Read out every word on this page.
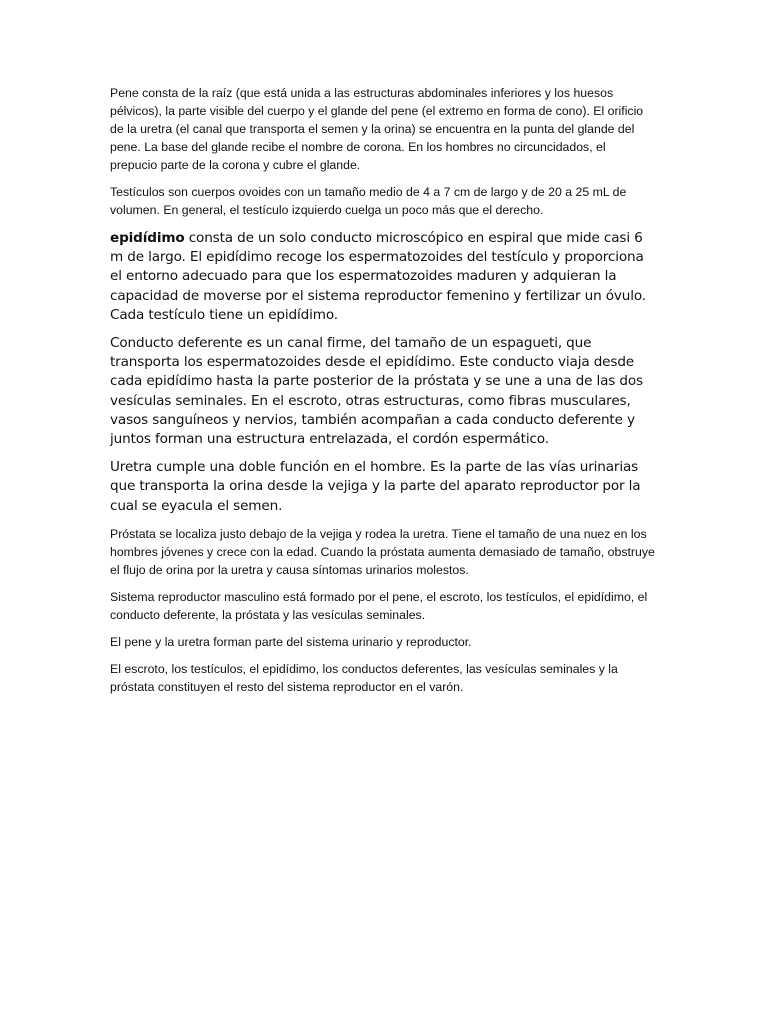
Pene consta de la raíz (que está unida a las estructuras abdominales inferiores y los huesos pélvicos), la parte visible del cuerpo y el glande del pene (el extremo en forma de cono). El orificio de la uretra (el canal que transporta el semen y la orina) se encuentra en la punta del glande del pene. La base del glande recibe el nombre de corona. En los hombres no circuncidados, el prepucio parte de la corona y cubre el glande.

Testículos son cuerpos ovoides con un tamaño medio de 4 a 7 cm de largo y de 20 a 25 mL de volumen. En general, el testículo izquierdo cuelga un poco más que el derecho.

epidídimo consta de un solo conducto microscópico en espiral que mide casi 6 m de largo. El epidídimo recoge los espermatozoides del testículo y proporciona el entorno adecuado para que los espermatozoides maduren y adquieran la capacidad de moverse por el sistema reproductor femenino y fertilizar un óvulo. Cada testículo tiene un epidídimo.

Conducto deferente es un canal firme, del tamaño de un espagueti, que transporta los espermatozoides desde el epidídimo. Este conducto viaja desde cada epidídimo hasta la parte posterior de la próstata y se une a una de las dos vesículas seminales. En el escroto, otras estructuras, como fibras musculares, vasos sanguíneos y nervios, también acompañan a cada conducto deferente y juntos forman una estructura entrelazada, el cordón espermático.

Uretra cumple una doble función en el hombre. Es la parte de las vías urinarias que transporta la orina desde la vejiga y la parte del aparato reproductor por la cual se eyacula el semen.

Próstata se localiza justo debajo de la vejiga y rodea la uretra. Tiene el tamaño de una nuez en los hombres jóvenes y crece con la edad. Cuando la próstata aumenta demasiado de tamaño, obstruye el flujo de orina por la uretra y causa síntomas urinarios molestos.

Sistema reproductor masculino está formado por el pene, el escroto, los testículos, el epidídimo, el conducto deferente, la próstata y las vesículas seminales.

El pene y la uretra forman parte del sistema urinario y reproductor.

El escroto, los testículos, el epidídimo, los conductos deferentes, las vesículas seminales y la próstata constituyen el resto del sistema reproductor en el varón.
